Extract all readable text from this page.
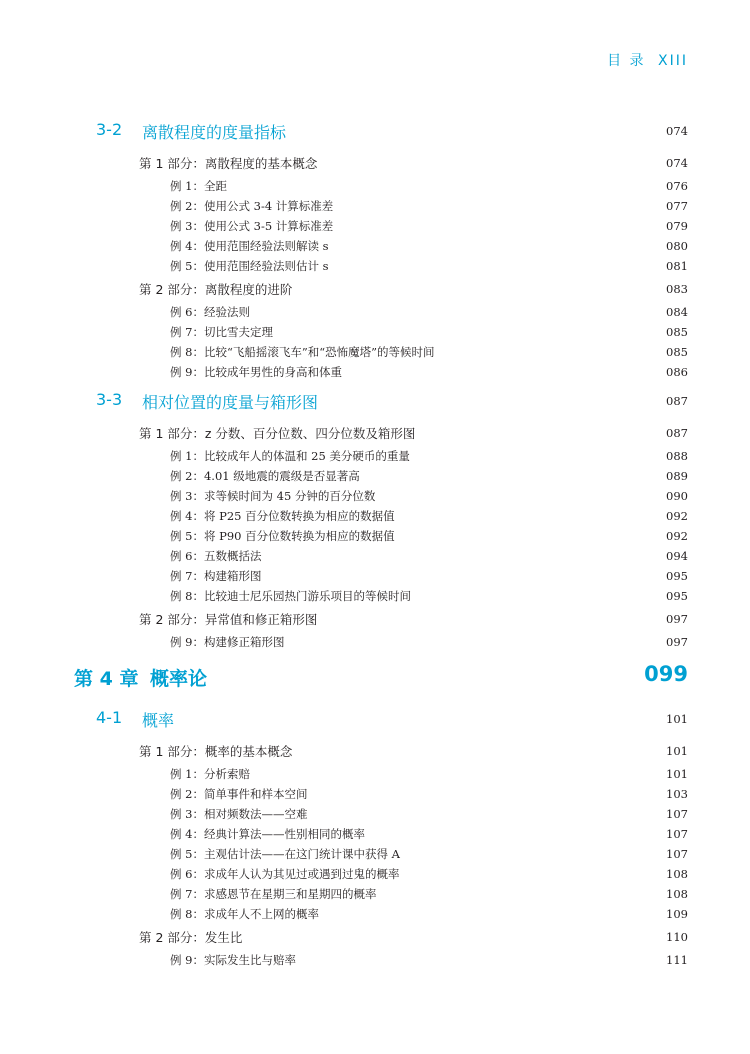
目 录 XIII
3-2 离散程度的度量指标	074
第 1 部分：离散程度的基本概念	074
例 1：全距	076
例 2：使用公式 3-4 计算标准差	077
例 3：使用公式 3-5 计算标准差	079
例 4：使用范围经验法则解读 s	080
例 5：使用范围经验法则估计 s	081
第 2 部分：离散程度的进阶	083
例 6：经验法则	084
例 7：切比雪夫定理	085
例 8：比较“飞船摇滚飞车”和“恐怖魔塔”的等候时间	085
例 9：比较成年男性的身高和体重	086
3-3 相对位置的度量与箱形图	087
第 1 部分：z 分数、百分位数、四分位数及箱形图	087
例 1：比较成年人的体温和 25 美分硬币的重量	088
例 2：4.01 级地震的震级是否显著高	089
例 3：求等候时间为 45 分钟的百分位数	090
例 4：将 P25 百分位数转换为相应的数据值	092
例 5：将 P90 百分位数转换为相应的数据值	092
例 6：五数概括法	094
例 7：构建箱形图	095
例 8：比较迪士尼乐园热门游乐项目的等候时间	095
第 2 部分：异常值和修正箱形图	097
例 9：构建修正箱形图	097
第 4 章 概率论	099
4-1 概率	101
第 1 部分：概率的基本概念	101
例 1：分析索赔	101
例 2：简单事件和样本空间	103
例 3：相对频数法——空难	107
例 4：经典计算法——性别相同的概率	107
例 5：主观估计法——在这门统计课中获得 A	107
例 6：求成年人认为其见过或遇到过鬼的概率	108
例 7：求感恩节在星期三和星期四的概率	108
例 8：求成年人不上网的概率	109
第 2 部分：发生比	110
例 9：实际发生比与赔率	111
